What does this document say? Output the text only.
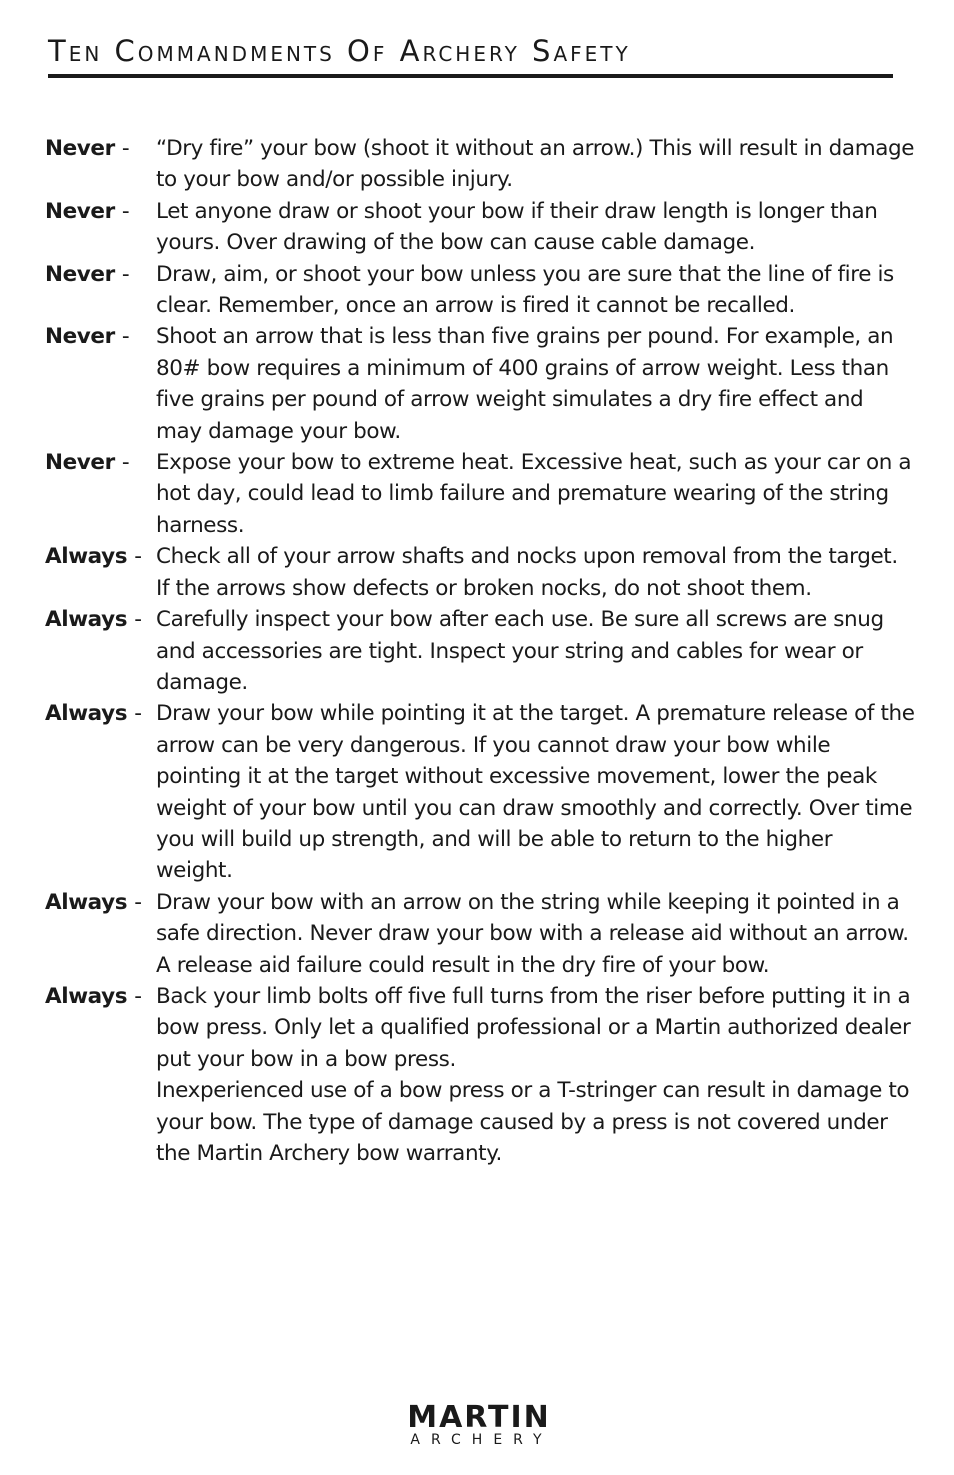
Ten Commandments Of Archery Safety
Never -	“Dry fire” your bow (shoot it without an arrow.) This will result in damage to your bow and/or possible injury.

Never -	Let anyone draw or shoot your bow if their draw length is longer than yours. Over drawing of the bow can cause cable damage.

Never -	Draw, aim, or shoot your bow unless you are sure that the line of fire is clear. Remember, once an arrow is fired it cannot be recalled.

Never -	Shoot an arrow that is less than five grains per pound. For example, an 80# bow requires a minimum of 400 grains of arrow weight. Less than five grains per pound of arrow weight simulates a dry fire effect and may damage your bow.

Never -	Expose your bow to extreme heat. Excessive heat, such as your car on a hot day, could lead to limb failure and premature wearing of the string harness.

Always - Check all of your arrow shafts and nocks upon removal from the target. If the arrows show defects or broken nocks, do not shoot them.

Always - Carefully inspect your bow after each use. Be sure all screws are snug and accessories are tight. Inspect your string and cables for wear or damage.

Always - Draw your bow while pointing it at the target. A premature release of the arrow can be very dangerous. If you cannot draw your bow while pointing it at the target without excessive movement, lower the peak weight of your bow until you can draw smoothly and correctly. Over time you will build up strength, and will be able to return to the higher weight.

Always - Draw your bow with an arrow on the string while keeping it pointed in a safe direction. Never draw your bow with a release aid without an arrow. A release aid failure could result in the dry fire of your bow.

Always - Back your limb bolts off five full turns from the riser before putting it in a bow press. Only let a qualified professional or a Martin authorized dealer put your bow in a bow press.

Inexperienced use of a bow press or a T-stringer can result in damage to your bow. The type of damage caused by a press is not covered under the Martin Archery bow warranty.

MARTIN
ARCHERY
